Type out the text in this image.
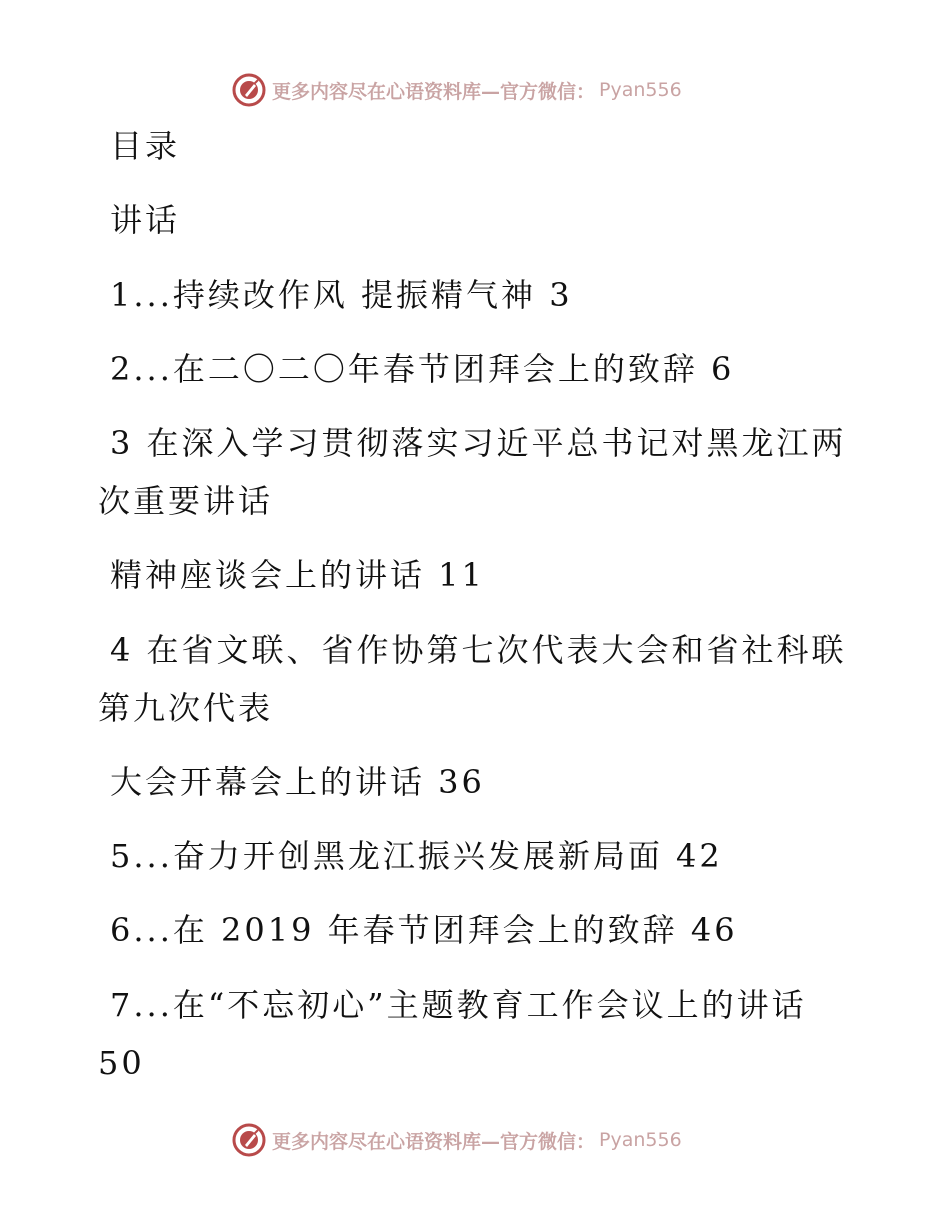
更多内容尽在心语资料库—官方微信： Pyan556
目录
讲话
1...持续改作风 提振精气神 3
2...在二〇二〇年春节团拜会上的致辞 6
3 在深入学习贯彻落实习近平总书记对黑龙江两
次重要讲话
精神座谈会上的讲话 11
4 在省文联、省作协第七次代表大会和省社科联
第九次代表
大会开幕会上的讲话 36
5...奋力开创黑龙江振兴发展新局面 42
6...在 2019 年春节团拜会上的致辞 46
7...在“不忘初心”主题教育工作会议上的讲话
50
更多内容尽在心语资料库—官方微信： Pyan556
